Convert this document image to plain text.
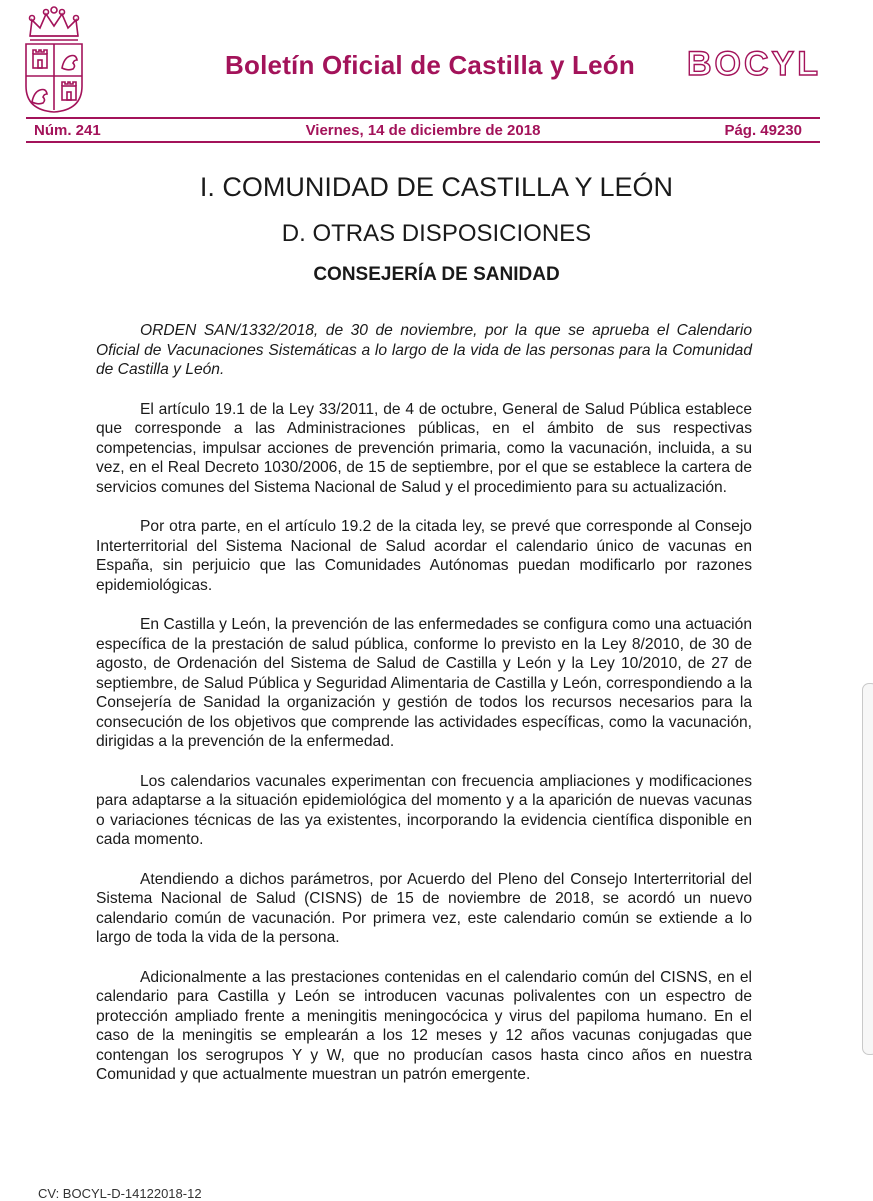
Boletín Oficial de Castilla y León	BOCYL
Núm. 241	Viernes, 14 de diciembre de 2018	Pág. 49230
I. COMUNIDAD DE CASTILLA Y LEÓN
D. OTRAS DISPOSICIONES
CONSEJERÍA DE SANIDAD

ORDEN SAN/1332/2018, de 30 de noviembre, por la que se aprueba el Calendario Oficial de Vacunaciones Sistemáticas a lo largo de la vida de las personas para la Comunidad de Castilla y León.

El artículo 19.1 de la Ley 33/2011, de 4 de octubre, General de Salud Pública establece que corresponde a las Administraciones públicas, en el ámbito de sus respectivas competencias, impulsar acciones de prevención primaria, como la vacunación, incluida, a su vez, en el Real Decreto 1030/2006, de 15 de septiembre, por el que se establece la cartera de servicios comunes del Sistema Nacional de Salud y el procedimiento para su actualización.

Por otra parte, en el artículo 19.2 de la citada ley, se prevé que corresponde al Consejo Interterritorial del Sistema Nacional de Salud acordar el calendario único de vacunas en España, sin perjuicio que las Comunidades Autónomas puedan modificarlo por razones epidemiológicas.

En Castilla y León, la prevención de las enfermedades se configura como una actuación específica de la prestación de salud pública, conforme lo previsto en la Ley 8/2010, de 30 de agosto, de Ordenación del Sistema de Salud de Castilla y León y la Ley 10/2010, de 27 de septiembre, de Salud Pública y Seguridad Alimentaria de Castilla y León, correspondiendo a la Consejería de Sanidad la organización y gestión de todos los recursos necesarios para la consecución de los objetivos que comprende las actividades específicas, como la vacunación, dirigidas a la prevención de la enfermedad.

Los calendarios vacunales experimentan con frecuencia ampliaciones y modificaciones para adaptarse a la situación epidemiológica del momento y a la aparición de nuevas vacunas o variaciones técnicas de las ya existentes, incorporando la evidencia científica disponible en cada momento.

Atendiendo a dichos parámetros, por Acuerdo del Pleno del Consejo Interterritorial del Sistema Nacional de Salud (CISNS) de 15 de noviembre de 2018, se acordó un nuevo calendario común de vacunación. Por primera vez, este calendario común se extiende a lo largo de toda la vida de la persona.

Adicionalmente a las prestaciones contenidas en el calendario común del CISNS, en el calendario para Castilla y León se introducen vacunas polivalentes con un espectro de protección ampliado frente a meningitis meningocócica y virus del papiloma humano. En el caso de la meningitis se emplearán a los 12 meses y 12 años vacunas conjugadas que contengan los serogrupos Y y W, que no producían casos hasta cinco años en nuestra Comunidad y que actualmente muestran un patrón emergente.

CV: BOCYL-D-14122018-12
